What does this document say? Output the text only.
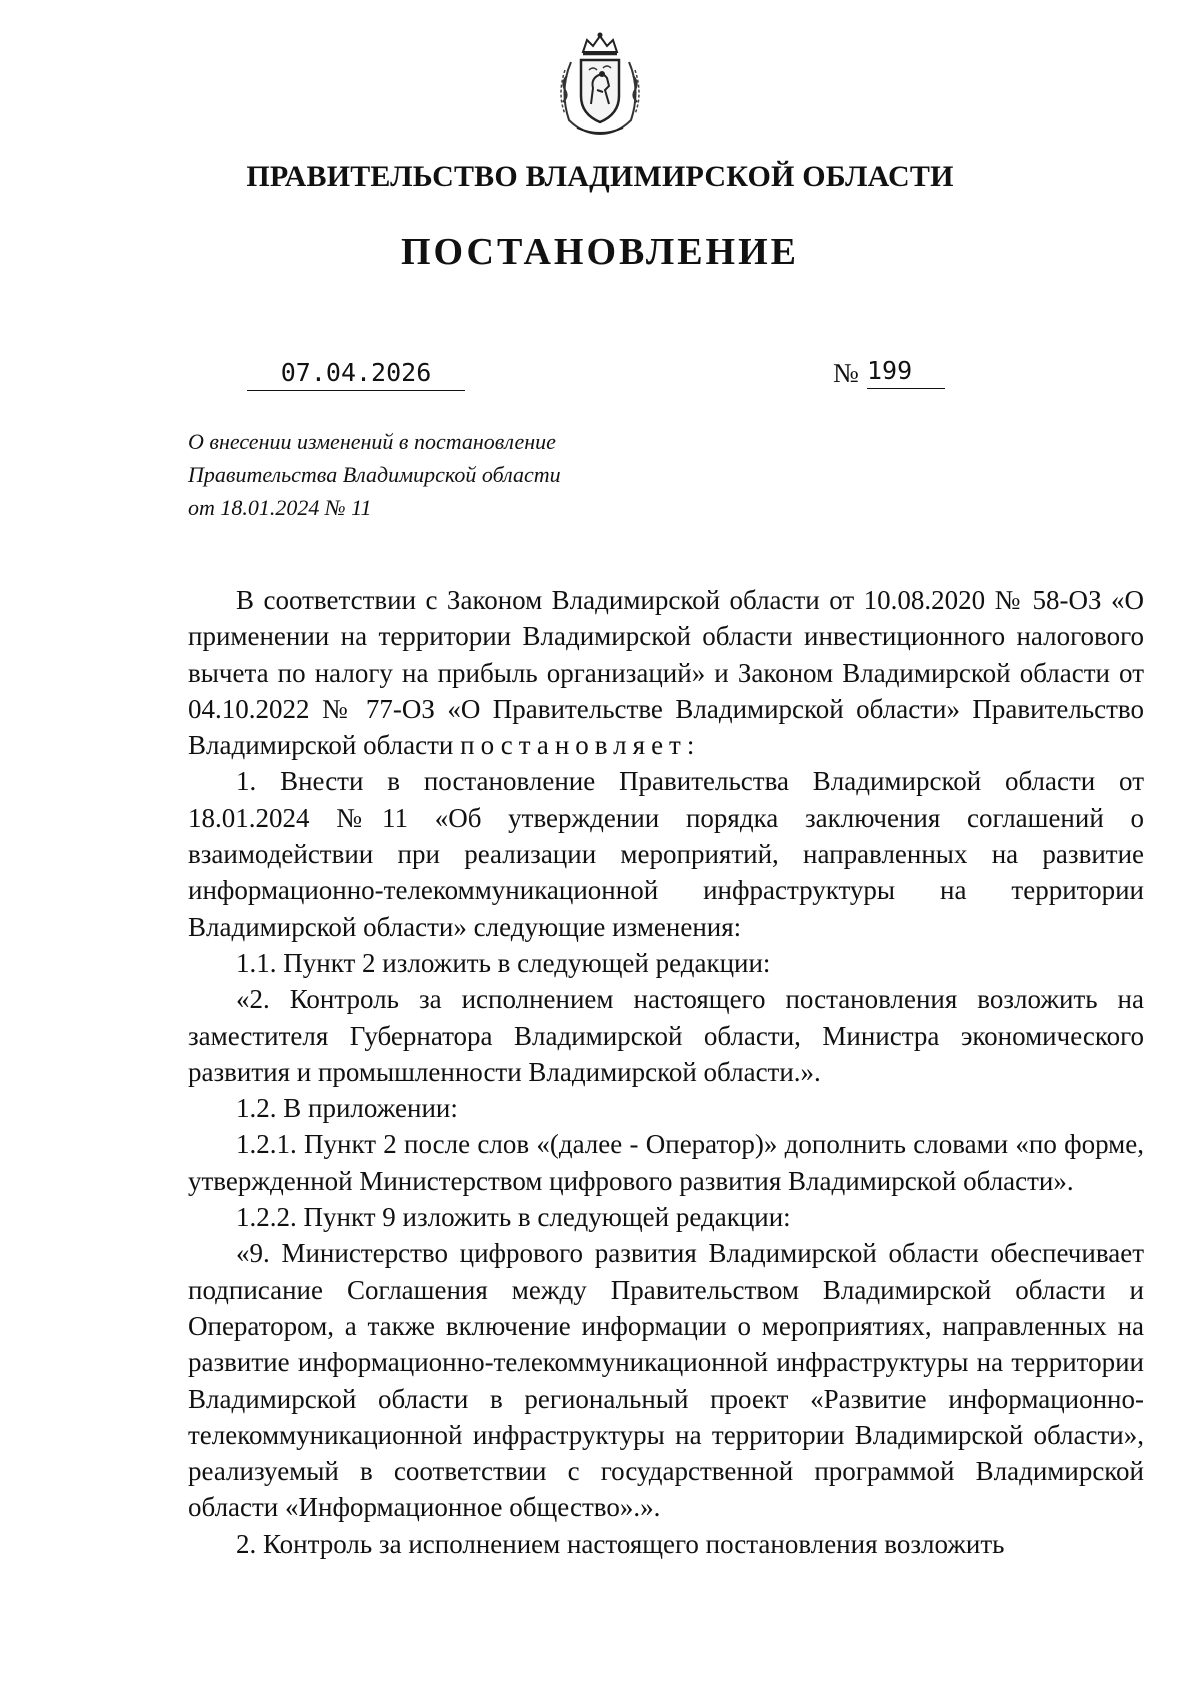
ПРАВИТЕЛЬСТВО ВЛАДИМИРСКОЙ ОБЛАСТИ
ПОСТАНОВЛЕНИЕ
07.04.2026	№ 199
О внесении изменений в постановление
Правительства Владимирской области
от 18.01.2024 № 11

В соответствии с Законом Владимирской области от 10.08.2020 № 58-ОЗ «О применении на территории Владимирской области инвестиционного налогового вычета по налогу на прибыль организаций» и Законом Владимирской области от 04.10.2022 № 77-ОЗ «О Правительстве Владимирской области» Правительство Владимирской области постановляет:

1. Внести в постановление Правительства Владимирской области от 18.01.2024 №11 «Об утверждении порядка заключения соглашений о взаимодействии при реализации мероприятий, направленных на развитие информационно-телекоммуникационной инфраструктуры на территории Владимирской области» следующие изменения:

1.1. Пункт 2 изложить в следующей редакции:

«2. Контроль за исполнением настоящего постановления возложить на заместителя Губернатора Владимирской области, Министра экономического развития и промышленности Владимирской области.».

1.2. В приложении:

1.2.1. Пункт 2 после слов «(далее - Оператор)» дополнить словами «по форме, утвержденной Министерством цифрового развития Владимирской области».

1.2.2. Пункт 9 изложить в следующей редакции:

«9. Министерство цифрового развития Владимирской области обеспечивает подписание Соглашения между Правительством Владимирской области и Оператором, а также включение информации о мероприятиях, направленных на развитие информационно-телекоммуникационной инфраструктуры на территории Владимирской области в региональный проект «Развитие информационно-телекоммуникационной инфраструктуры на территории Владимирской области», реализуемый в соответствии с государственной программой Владимирской области «Информационное общество».».

2. Контроль за исполнением настоящего постановления возложить
